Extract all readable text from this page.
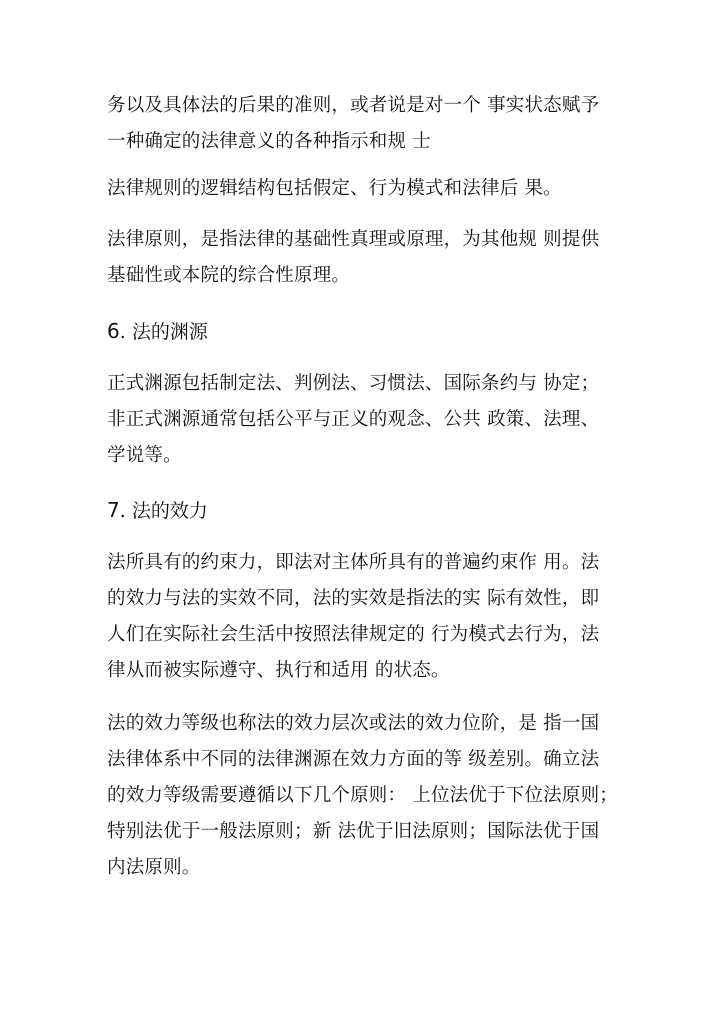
务以及具体法的后果的准则，或者说是对一个 事实状态赋予
一种确定的法律意义的各种指示和规 士
法律规则的逻辑结构包括假定、行为模式和法律后 果。
法律原则，是指法律的基础性真理或原理，为其他规 则提供
基础性或本院的综合性原理。
6. 法的渊源
正式渊源包括制定法、判例法、习惯法、国际条约与 协定；
非正式渊源通常包括公平与正义的观念、公共 政策、法理、
学说等。
7. 法的效力
法所具有的约束力，即法对主体所具有的普遍约束作 用。法
的效力与法的实效不同，法的实效是指法的实 际有效性，即
人们在实际社会生活中按照法律规定的 行为模式去行为，法
律从而被实际遵守、执行和适用 的状态。
法的效力等级也称法的效力层次或法的效力位阶，是 指一国
法律体系中不同的法律渊源在效力方面的等 级差别。确立法
的效力等级需要遵循以下几个原则： 上位法优于下位法原则；
特别法优于一般法原则；新 法优于旧法原则；国际法优于国
内法原则。
